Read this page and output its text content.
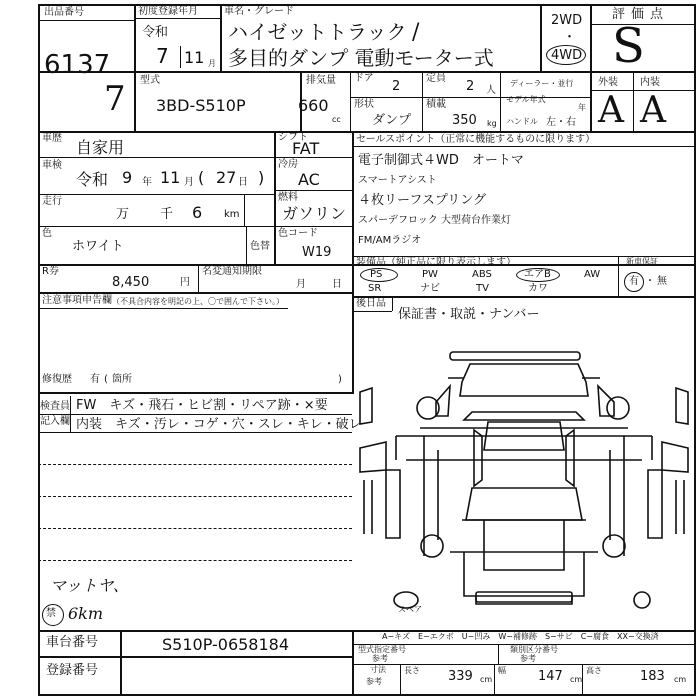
出品番号
6137
7
初度登録年月
令和
7 11 月
車名・グレード
ハイゼットトラック
多目的ダンプ 電動モーター式
/	2WD
・
4WD
評価点
S
型式
3BD-S510P
排気量
660
cc
ドア
2
定員
2 人
ディーラー・並行
形状
ダンプ
積載
350 kg
モデル年式
年
ハンドル 左・右
外装 内装
A A
車歴 自家用
車検
令和 9 年 11 月 ( 27 日 )
走行
万 千 6 km
色
ホワイト	色替
シフト
FAT
冷房
AC
燃料
ガソリン
色コード
W19
セールスポイント（正常に機能するものに限ります）
電子制御式４WD　オートマ
スマートアシスト
４枚リーフスプリング
スパーデフロック 大型荷台作業灯
FM/AMラジオ
R券
8,450	円
名変通知期限
月	日
装備品（純正品に限り表示します）
PS	PW	ABS	エアB	AW
SR	ナビ	TV	カワ
新車保証
有 ・ 無
後日品
保証書・取説・ナンバー
注意事項申告欄 （不具合内容を明記の上、〇で囲んで下さい。）
修復歴 有 ( 箇所	)
検査員
記入欄
FW　キズ・飛石・ヒビ割・リペア跡・×要
内装　キズ・汚レ・コゲ・穴・スレ・キレ・破レ
マットヤ、
禁 6km	スペア
車台番号	S510P-0658184
登録番号
A−キズ　E−エクボ　U−凹み　W−補修跡　S−サビ　C−腐食　XX−交換済
型式指定番号
参考
類別区分番号
参考
寸法
参考
長さ 339 cm
幅 147 cm
高さ	183 cm
